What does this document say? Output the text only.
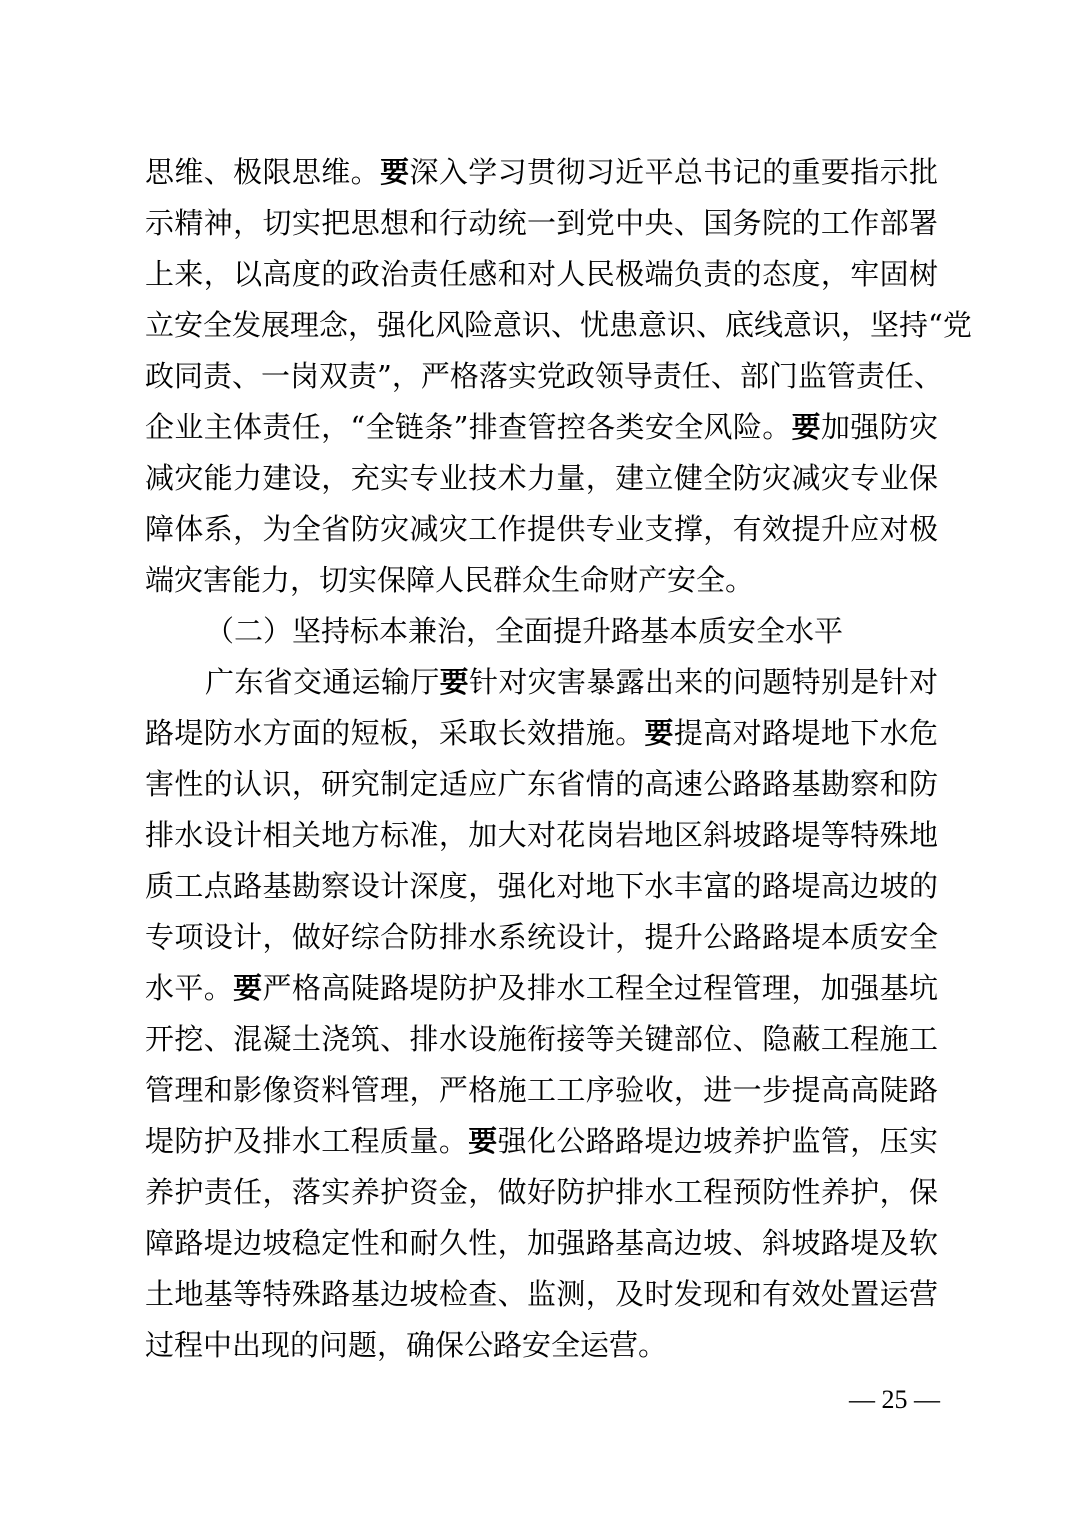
思维、极限思维。要深入学习贯彻习近平总书记的重要指示批
示精神，切实把思想和行动统一到党中央、国务院的工作部署
上来，以高度的政治责任感和对人民极端负责的态度，牢固树
立安全发展理念，强化风险意识、忧患意识、底线意识，坚持“党
政同责、一岗双责”，严格落实党政领导责任、部门监管责任、
企业主体责任，“全链条”排查管控各类安全风险。要加强防灾
减灾能力建设，充实专业技术力量，建立健全防灾减灾专业保
障体系，为全省防灾减灾工作提供专业支撑，有效提升应对极
端灾害能力，切实保障人民群众生命财产安全。
（二）坚持标本兼治，全面提升路基本质安全水平
广东省交通运输厅要针对灾害暴露出来的问题特别是针对
路堤防水方面的短板，采取长效措施。要提高对路堤地下水危
害性的认识，研究制定适应广东省情的高速公路路基勘察和防
排水设计相关地方标准，加大对花岗岩地区斜坡路堤等特殊地
质工点路基勘察设计深度，强化对地下水丰富的路堤高边坡的
专项设计，做好综合防排水系统设计，提升公路路堤本质安全
水平。要严格高陡路堤防护及排水工程全过程管理，加强基坑
开挖、混凝土浇筑、排水设施衔接等关键部位、隐蔽工程施工
管理和影像资料管理，严格施工工序验收，进一步提高高陡路
堤防护及排水工程质量。要强化公路路堤边坡养护监管，压实
养护责任，落实养护资金，做好防护排水工程预防性养护，保
障路堤边坡稳定性和耐久性，加强路基高边坡、斜坡路堤及软
土地基等特殊路基边坡检查、监测，及时发现和有效处置运营
过程中出现的问题，确保公路安全运营。
— 25 —
